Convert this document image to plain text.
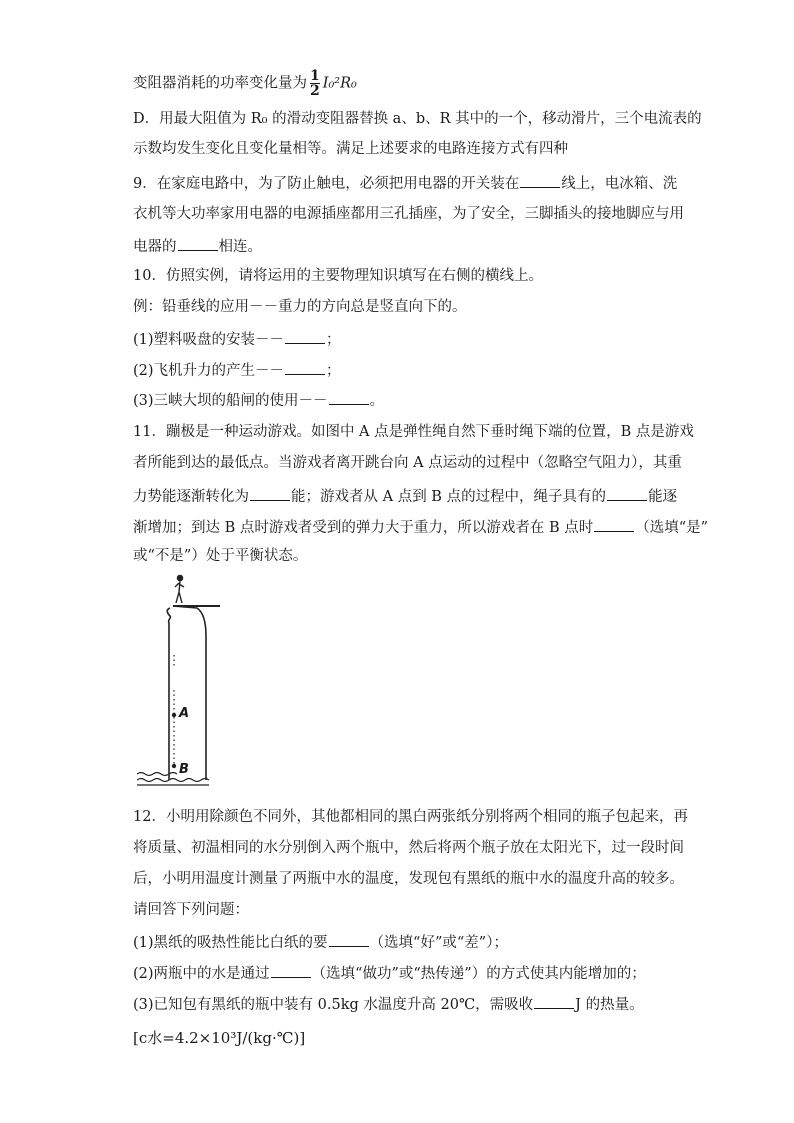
变阻器消耗的功率变化量为 $\frac{1}{2} I_0^2R_0$
D．用最大阻值为 R₀ 的滑动变阻器替换 a、b、R 其中的一个，移动滑片，三个电流表的
示数均发生变化且变化量相等。满足上述要求的电路连接方式有四种
9．在家庭电路中，为了防止触电，必须把用电器的开关装在	线上，电冰箱、洗
衣机等大功率家用电器的电源插座都用三孔插座，为了安全，三脚插头的接地脚应与用
电器的	相连。
10．仿照实例，请将运用的主要物理知识填写在右侧的横线上。
例：铅垂线的应用－－重力的方向总是竖直向下的。
(1)塑料吸盘的安装－－	；
(2)飞机升力的产生－－	；
(3)三峡大坝的船闸的使用－－	。
11．蹦极是一种运动游戏。如图中 A 点是弹性绳自然下垂时绳下端的位置，B 点是游戏
者所能到达的最低点。当游戏者离开跳台向 A 点运动的过程中（忽略空气阻力），其重
力势能逐渐转化为	能；游戏者从 A 点到 B 点的过程中，绳子具有的	能逐
渐增加；到达 B 点时游戏者受到的弹力大于重力，所以游戏者在 B 点时	（选填“是”
或“不是”）处于平衡状态。
A
B
12．小明用除颜色不同外，其他都相同的黑白两张纸分别将两个相同的瓶子包起来，再
将质量、初温相同的水分别倒入两个瓶中，然后将两个瓶子放在太阳光下，过一段时间
后，小明用温度计测量了两瓶中水的温度，发现包有黑纸的瓶中水的温度升高的较多。
请回答下列问题：
(1)黑纸的吸热性能比白纸的要	（选填“好”或“差”）；
(2)两瓶中的水是通过	（选填“做功”或“热传递”）的方式使其内能增加的；
(3)已知包有黑纸的瓶中装有 0.5kg 水温度升高 20℃，需吸收	J 的热量。
[c水=4.2×10³J/(kg·℃)]
